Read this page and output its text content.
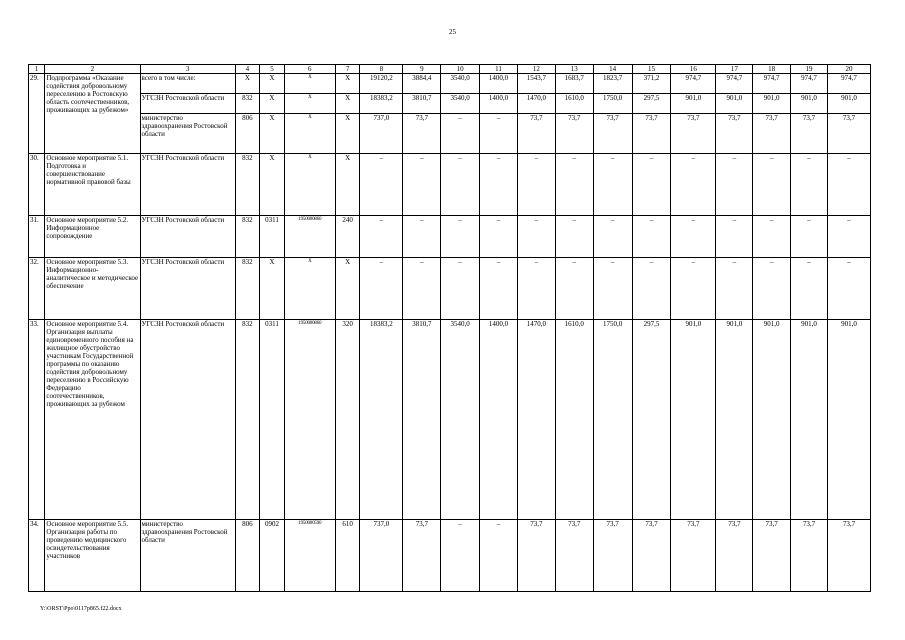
25
1	2	3	4	5	6	7	8	9	10	11	12	13	14	15	16	17	18	19	20
29.	Подпрограмма «Оказание содействия добровольному переселению в Ростовскую область соотечественников, проживающих за рубежом»	всего в том числе:	Х	Х	Х	Х	19120,2	3884,4	3540,0	1400,0	1543,7	1683,7	1823,7	371,2	974,7	974,7	974,7	974,7	974,7
		УГСЗН Ростовской области	832	Х	Х	Х	18383,2	3810,7	3540,0	1400,0	1470,0	1610,0	1750,0	297,5	901,0	901,0	901,0	901,0	901,0
		министерство здравоохранения Ростовской области	806	Х	Х	Х	737,0	73,7	–	–	73,7	73,7	73,7	73,7	73,7	73,7	73,7	73,7	73,7
30.	Основное мероприятие 5.1. Подготовка и совершенствование нормативной правовой базы	УГСЗН Ростовской области	832	Х	Х	Х	–	–	–	–	–	–	–	–	–	–	–	–	–
31.	Основное мероприятие 5.2. Информационное сопровождение	УГСЗН Ростовской области	832	0311	1950000860	240	–	–	–	–	–	–	–	–	–	–	–	–	–
32.	Основное мероприятие 5.3. Информационно-аналитическое и методическое обеспечение	УГСЗН Ростовской области	832	Х	Х	Х	–	–	–	–	–	–	–	–	–	–	–	–	–
33.	Основное мероприятие 5.4. Организация выплаты единовременного пособия на жилищное обустройство участникам Государственной программы по оказанию содействия добровольному переселению в Российскую Федерацию соотечественников, проживающих за рубежом	УГСЗН Ростовской области	832	0311	1950000860	320	18383,2	3810,7	3540,0	1400,0	1470,0	1610,0	1750,0	297,5	901,0	901,0	901,0	901,0	901,0
34.	Основное мероприятие 5.5. Организация работы по проведению медицинского освидетельствования участников	министерство здравоохранения Ростовской области	806	0902	1950000590	610	737,0	73,7	–	–	73,7	73,7	73,7	73,7	73,7	73,7	73,7	73,7	73,7
Y:\ORST\Ppo\0117p865.f22.docx
